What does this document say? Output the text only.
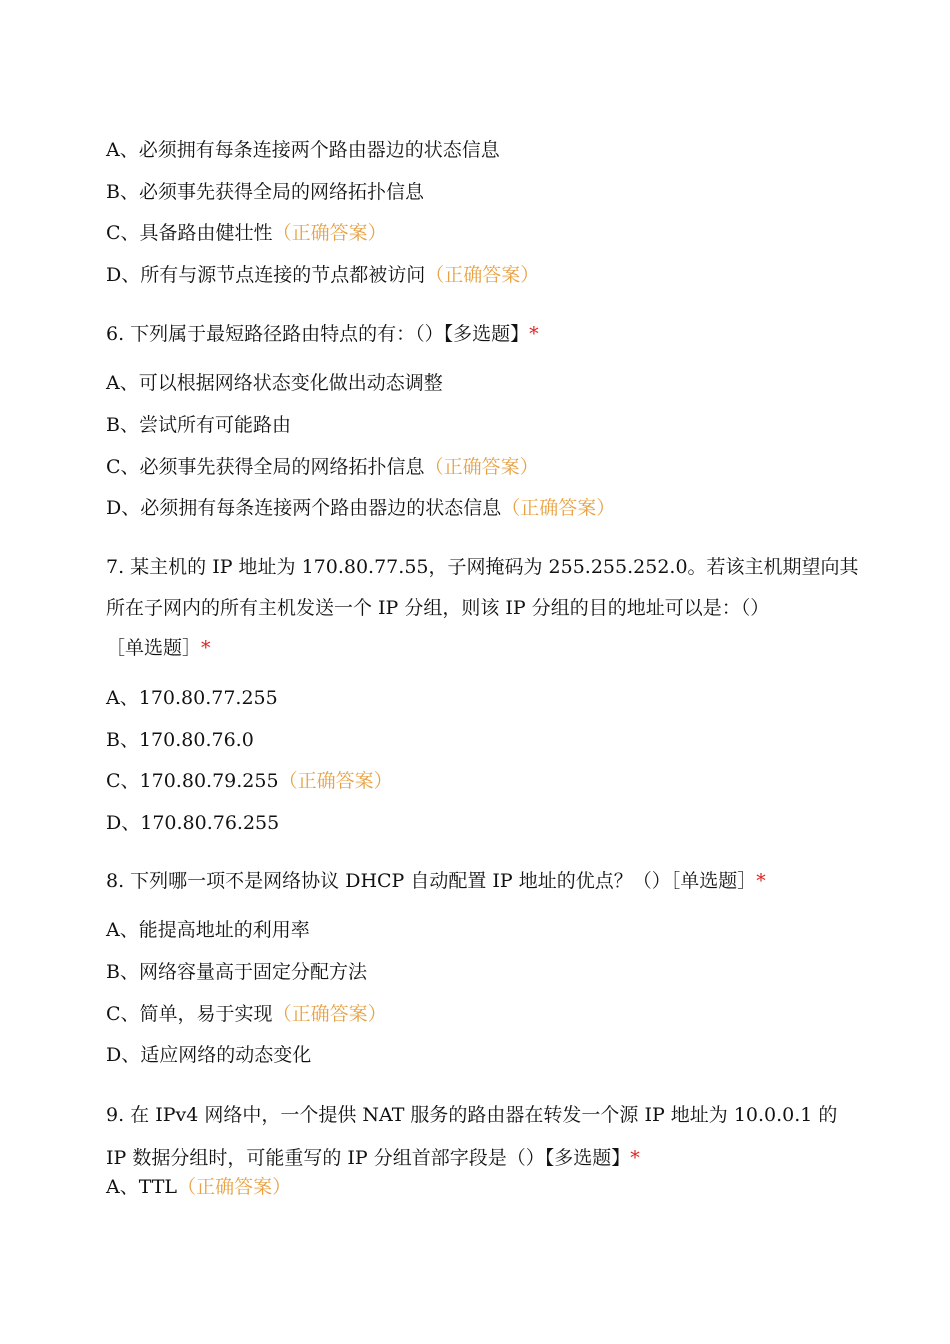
A、必须拥有每条连接两个路由器边的状态信息
B、必须事先获得全局的网络拓扑信息
C、具备路由健壮性（正确答案）
D、所有与源节点连接的节点都被访问（正确答案）
6. 下列属于最短路径路由特点的有：（）【多选题】*
A、可以根据网络状态变化做出动态调整
B、尝试所有可能路由
C、必须事先获得全局的网络拓扑信息（正确答案）
D、必须拥有每条连接两个路由器边的状态信息（正确答案）
7. 某主机的 IP 地址为 170.80.77.55，子网掩码为 255.255.252.0。若该主机期望向其
所在子网内的所有主机发送一个 IP 分组，则该 IP 分组的目的地址可以是：（）
［单选题］*
A、170.80.77.255
B、170.80.76.0
C、170.80.79.255（正确答案）
D、170.80.76.255
8. 下列哪一项不是网络协议 DHCP 自动配置 IP 地址的优点？（）［单选题］*
A、能提高地址的利用率
B、网络容量高于固定分配方法
C、简单，易于实现（正确答案）
D、适应网络的动态变化
9. 在 IPv4 网络中，一个提供 NAT 服务的路由器在转发一个源 IP 地址为 10.0.0.1 的
IP 数据分组时，可能重写的 IP 分组首部字段是（）【多选题】*
A、TTL（正确答案）
